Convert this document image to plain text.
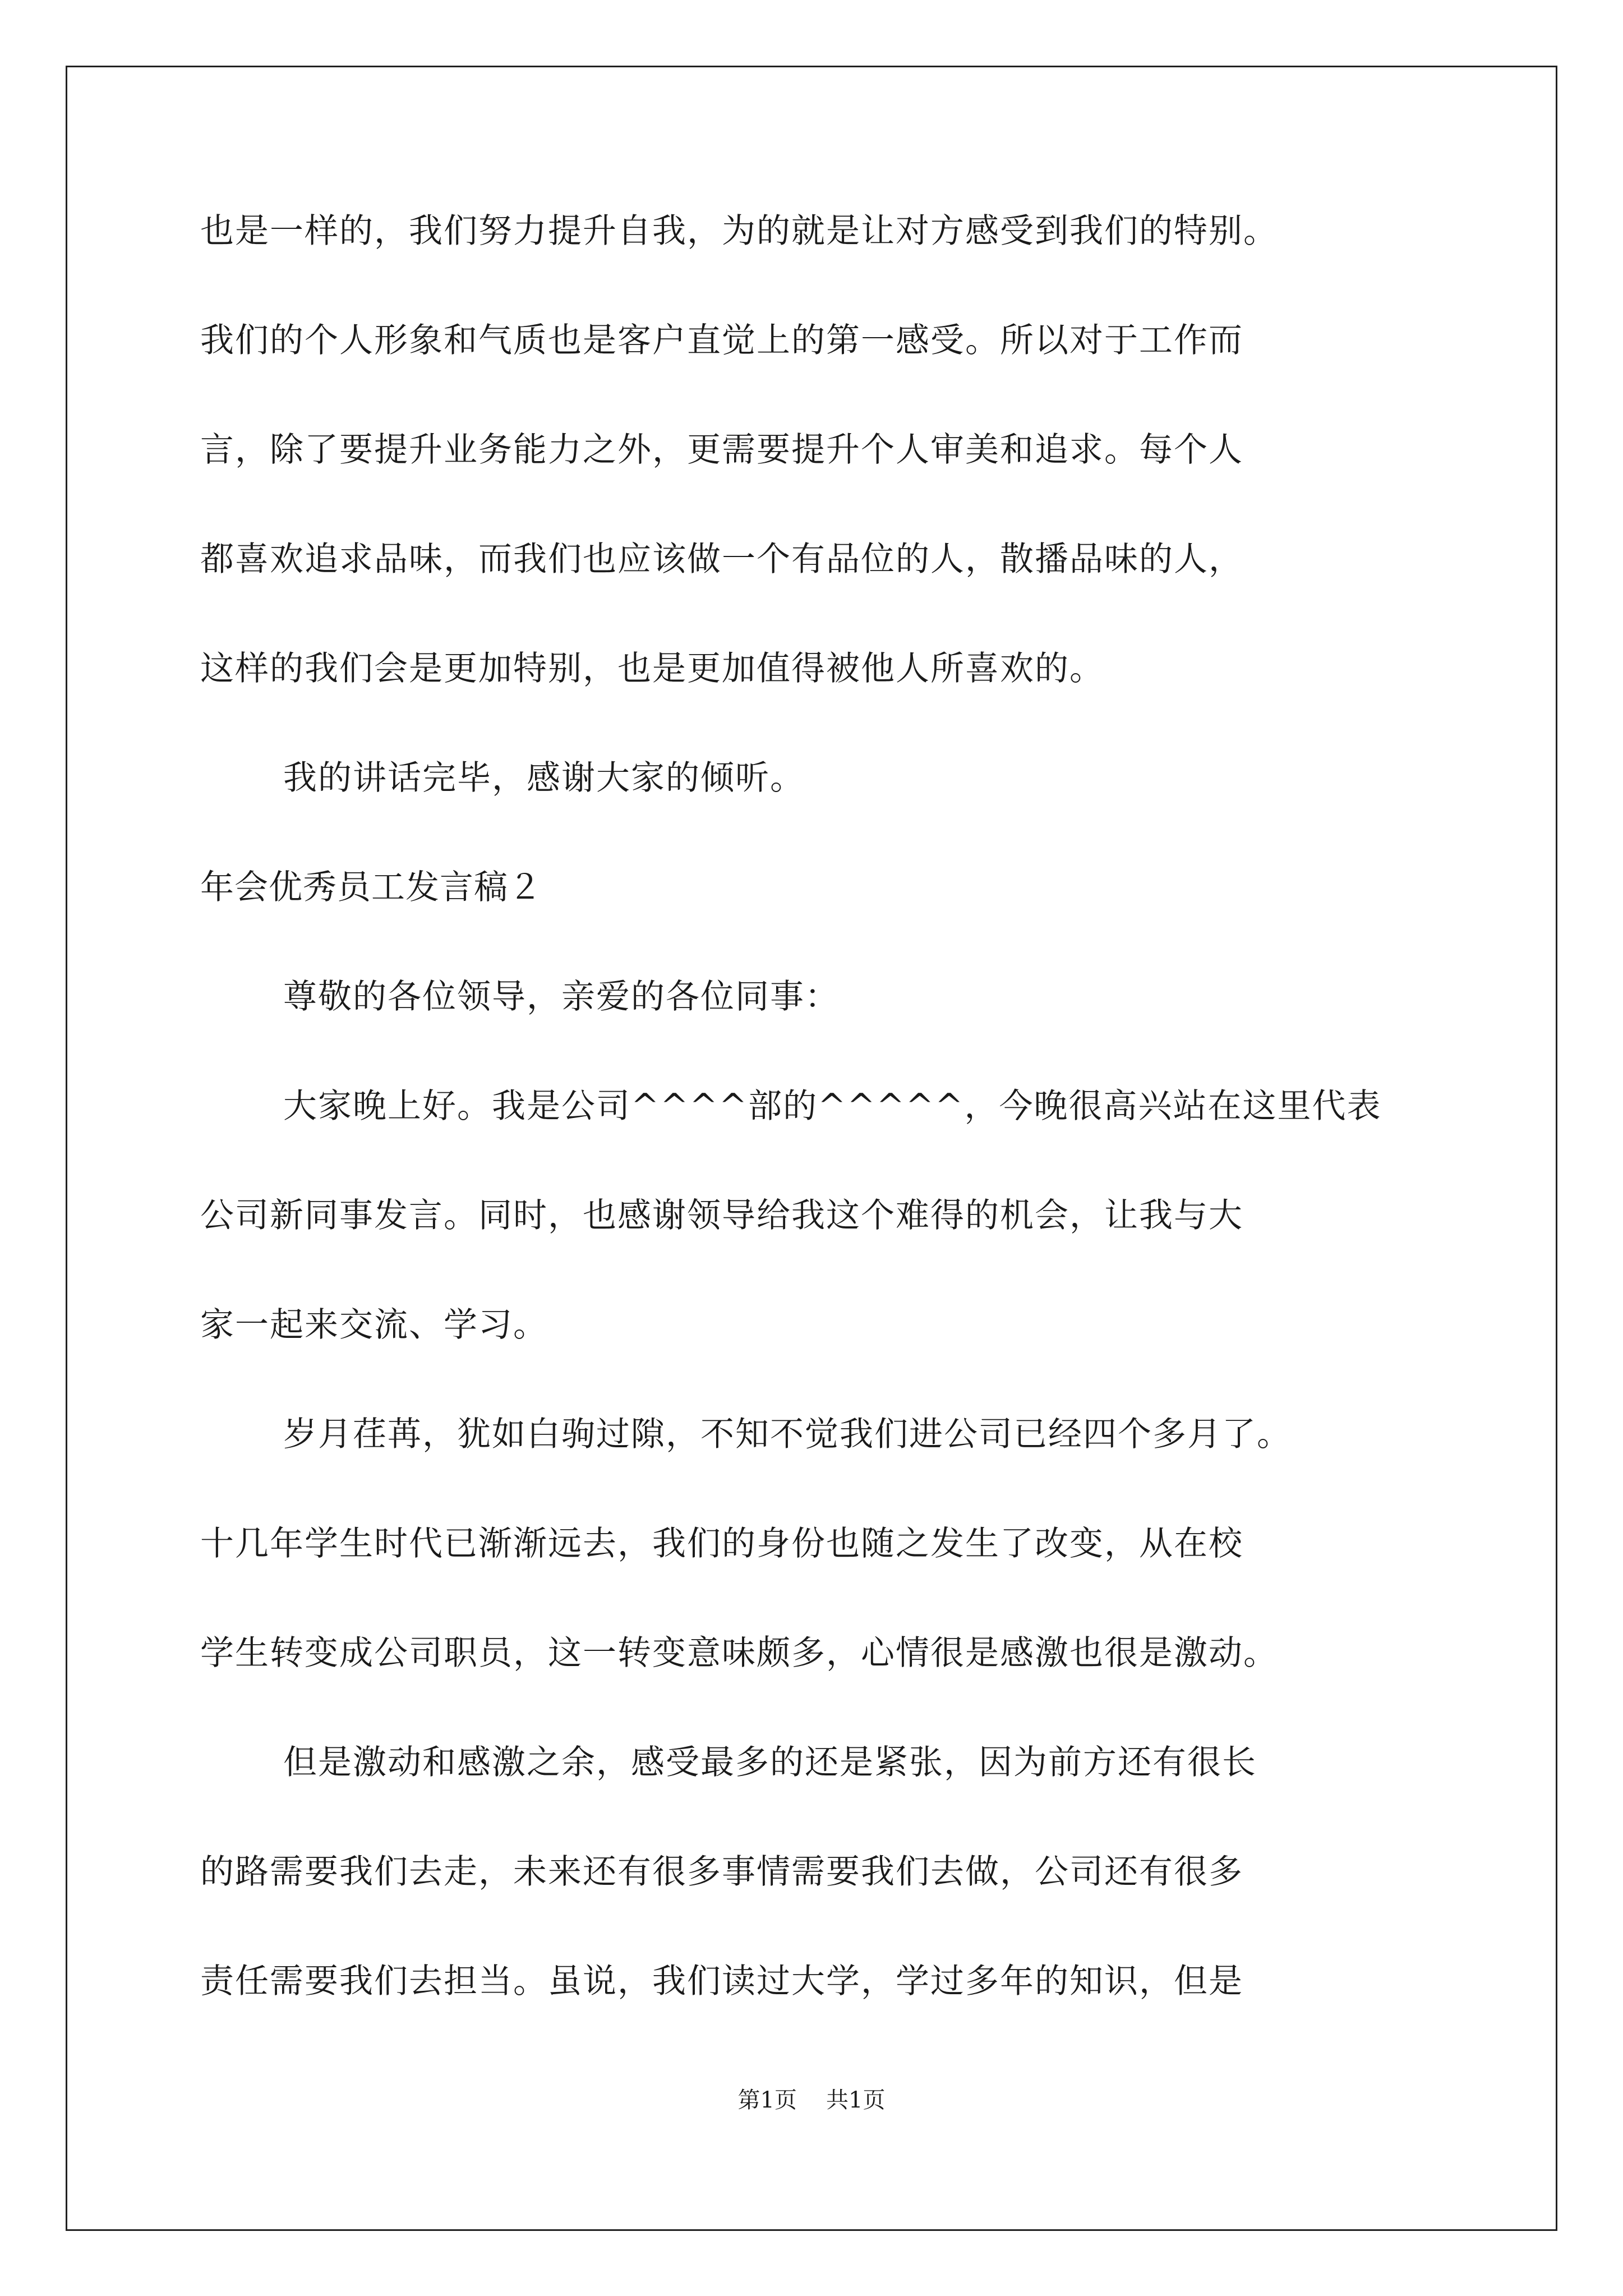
也是一样的，我们努力提升自我，为的就是让对方感受到我们的特别。
我们的个人形象和气质也是客户直觉上的第一感受。所以对于工作而
言，除了要提升业务能力之外，更需要提升个人审美和追求。每个人
都喜欢追求品味，而我们也应该做一个有品位的人，散播品味的人，
这样的我们会是更加特别，也是更加值得被他人所喜欢的。
我的讲话完毕，感谢大家的倾听。
年会优秀员工发言稿２
尊敬的各位领导，亲爱的各位同事：
大家晚上好。我是公司^^^^部的^^^^^，今晚很高兴站在这里代表
公司新同事发言。同时，也感谢领导给我这个难得的机会，让我与大
家一起来交流、学习。
岁月荏苒，犹如白驹过隙，不知不觉我们进公司已经四个多月了。
十几年学生时代已渐渐远去，我们的身份也随之发生了改变，从在校
学生转变成公司职员，这一转变意味颇多，心情很是感激也很是激动。
但是激动和感激之余，感受最多的还是紧张，因为前方还有很长
的路需要我们去走，未来还有很多事情需要我们去做，公司还有很多
责任需要我们去担当。虽说，我们读过大学，学过多年的知识，但是
第1页 共1页
